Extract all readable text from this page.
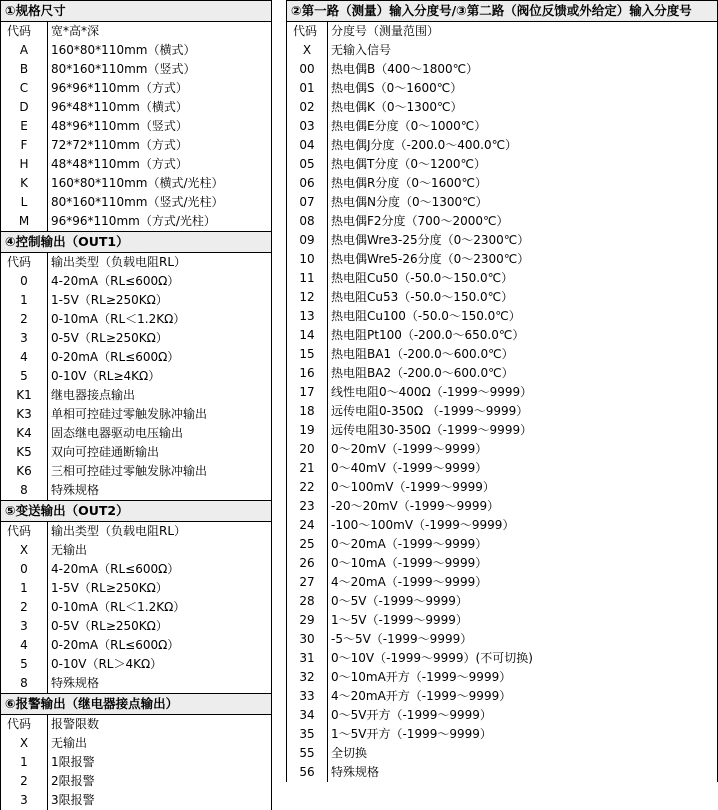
①规格尺寸
代码	宽*高*深
A	160*80*110mm（横式）
B	80*160*110mm（竖式）
C	96*96*110mm（方式）
D	96*48*110mm（横式）
E	48*96*110mm（竖式）
F	72*72*110mm（方式）
H	48*48*110mm（方式）
K	160*80*110mm（横式/光柱）
L	80*160*110mm（竖式/光柱）
M	96*96*110mm（方式/光柱）
④控制输出（OUT1）
代码	输出类型（负载电阻RL）
0	4-20mA（RL≤600Ω）
1	1-5V（RL≥250KΩ）
2	0-10mA（RL＜1.2KΩ）
3	0-5V（RL≥250KΩ）
4	0-20mA（RL≤600Ω）
5	0-10V（RL≥4KΩ）
K1	继电器接点输出
K3	单相可控硅过零触发脉冲输出
K4	固态继电器驱动电压输出
K5	双向可控硅通断输出
K6	三相可控硅过零触发脉冲输出
8	特殊规格
⑤变送输出（OUT2）
代码	输出类型（负载电阻RL）
X	无输出
0	4-20mA（RL≤600Ω）
1	1-5V（RL≥250KΩ）
2	0-10mA（RL＜1.2KΩ）
3	0-5V（RL≥250KΩ）
4	0-20mA（RL≤600Ω）
5	0-10V（RL＞4KΩ）
8	特殊规格
⑥报警输出（继电器接点输出）
代码	报警限数
X	无输出
1	1限报警
2	2限报警
3	3限报警
②第一路（测量）输入分度号/③第二路（阀位反馈或外给定）输入分度号
代码	分度号（测量范围）
X	无输入信号
00	热电偶B（400～1800℃）
01	热电偶S（0～1600℃）
02	热电偶K（0～1300℃）
03	热电偶E分度（0～1000℃）
04	热电偶J分度（-200.0～400.0℃）
05	热电偶T分度（0～1200℃）
06	热电偶R分度（0～1600℃）
07	热电偶N分度（0～1300℃）
08	热电偶F2分度（700～2000℃）
09	热电偶Wre3-25分度（0～2300℃）
10	热电偶Wre5-26分度（0～2300℃）
11	热电阻Cu50（-50.0～150.0℃）
12	热电阻Cu53（-50.0～150.0℃）
13	热电阻Cu100（-50.0～150.0℃）
14	热电阻Pt100（-200.0～650.0℃）
15	热电阻BA1（-200.0～600.0℃）
16	热电阻BA2（-200.0～600.0℃）
17	线性电阻0～400Ω（-1999～9999）
18	远传电阻0-350Ω （-1999～9999）
19	远传电阻30-350Ω（-1999～9999）
20	0～20mV（-1999～9999）
21	0～40mV（-1999～9999）
22	0～100mV（-1999～9999）
23	-20～20mV（-1999～9999）
24	-100～100mV（-1999～9999）
25	0～20mA（-1999～9999）
26	0～10mA（-1999～9999）
27	4～20mA（-1999～9999）
28	0～5V（-1999～9999）
29	1～5V（-1999～9999）
30	-5～5V（-1999～9999）
31	0～10V（-1999～9999）(不可切换)
32	0～10mA开方（-1999～9999）
33	4～20mA开方（-1999～9999）
34	0～5V开方（-1999～9999）
35	1～5V开方（-1999～9999）
55	全切换
56	特殊规格
